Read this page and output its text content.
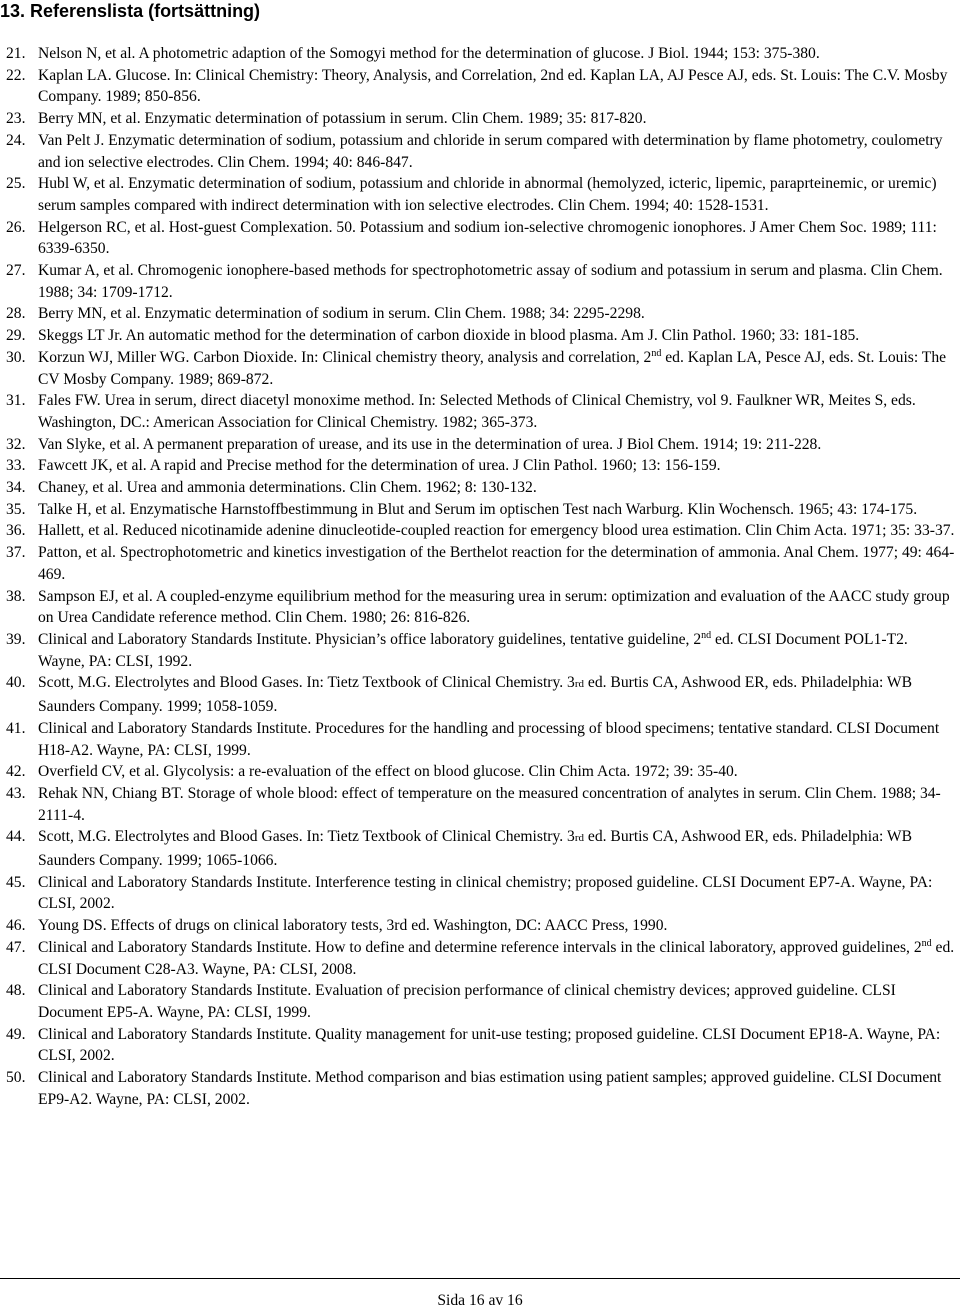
13. Referenslista (fortsättning)
21. Nelson N, et al. A photometric adaption of the Somogyi method for the determination of glucose. J Biol. 1944; 153: 375-380.
22. Kaplan LA. Glucose. In: Clinical Chemistry: Theory, Analysis, and Correlation, 2nd ed. Kaplan LA, AJ Pesce AJ, eds. St. Louis: The C.V. Mosby Company. 1989; 850-856.
23. Berry MN, et al. Enzymatic determination of potassium in serum. Clin Chem. 1989; 35: 817-820.
24. Van Pelt J. Enzymatic determination of sodium, potassium and chloride in serum compared with determination by flame photometry, coulometry and ion selective electrodes. Clin Chem. 1994; 40: 846-847.
25. Hubl W, et al. Enzymatic determination of sodium, potassium and chloride in abnormal (hemolyzed, icteric, lipemic, paraprteinemic, or uremic) serum samples compared with indirect determination with ion selective electrodes. Clin Chem. 1994; 40: 1528-1531.
26. Helgerson RC, et al. Host-guest Complexation. 50. Potassium and sodium ion-selective chromogenic ionophores. J Amer Chem Soc. 1989; 111: 6339-6350.
27. Kumar A, et al. Chromogenic ionophere-based methods for spectrophotometric assay of sodium and potassium in serum and plasma. Clin Chem. 1988; 34: 1709-1712.
28. Berry MN, et al. Enzymatic determination of sodium in serum. Clin Chem. 1988; 34: 2295-2298.
29. Skeggs LT Jr. An automatic method for the determination of carbon dioxide in blood plasma. Am J. Clin Pathol. 1960; 33: 181-185.
30. Korzun WJ, Miller WG. Carbon Dioxide. In: Clinical chemistry theory, analysis and correlation, 2nd ed. Kaplan LA, Pesce AJ, eds. St. Louis: The CV Mosby Company. 1989; 869-872.
31. Fales FW. Urea in serum, direct diacetyl monoxime method. In: Selected Methods of Clinical Chemistry, vol 9. Faulkner WR, Meites S, eds. Washington, DC.: American Association for Clinical Chemistry. 1982; 365-373.
32. Van Slyke, et al. A permanent preparation of urease, and its use in the determination of urea. J Biol Chem. 1914; 19: 211-228.
33. Fawcett JK, et al. A rapid and Precise method for the determination of urea. J Clin Pathol. 1960; 13: 156-159.
34. Chaney, et al. Urea and ammonia determinations. Clin Chem. 1962; 8: 130-132.
35. Talke H, et al. Enzymatische Harnstoffbestimmung in Blut and Serum im optischen Test nach Warburg. Klin Wochensch. 1965; 43: 174-175.
36. Hallett, et al. Reduced nicotinamide adenine dinucleotide-coupled reaction for emergency blood urea estimation. Clin Chim Acta. 1971; 35: 33-37.
37. Patton, et al. Spectrophotometric and kinetics investigation of the Berthelot reaction for the determination of ammonia. Anal Chem. 1977; 49: 464-469.
38. Sampson EJ, et al. A coupled-enzyme equilibrium method for the measuring urea in serum: optimization and evaluation of the AACC study group on Urea Candidate reference method. Clin Chem. 1980; 26: 816-826.
39. Clinical and Laboratory Standards Institute. Physician’s office laboratory guidelines, tentative guideline, 2nd ed. CLSI Document POL1-T2. Wayne, PA: CLSI, 1992.
40. Scott, M.G. Electrolytes and Blood Gases. In: Tietz Textbook of Clinical Chemistry. 3rd ed. Burtis CA, Ashwood ER, eds. Philadelphia: WB Saunders Company. 1999; 1058-1059.
41. Clinical and Laboratory Standards Institute. Procedures for the handling and processing of blood specimens; tentative standard. CLSI Document H18-A2. Wayne, PA: CLSI, 1999.
42. Overfield CV, et al. Glycolysis: a re-evaluation of the effect on blood glucose. Clin Chim Acta. 1972; 39: 35-40.
43. Rehak NN, Chiang BT. Storage of whole blood: effect of temperature on the measured concentration of analytes in serum. Clin Chem. 1988; 34-2111-4.
44. Scott, M.G. Electrolytes and Blood Gases. In: Tietz Textbook of Clinical Chemistry. 3rd ed. Burtis CA, Ashwood ER, eds. Philadelphia: WB Saunders Company. 1999; 1065-1066.
45. Clinical and Laboratory Standards Institute. Interference testing in clinical chemistry; proposed guideline. CLSI Document EP7-A. Wayne, PA: CLSI, 2002.
46. Young DS. Effects of drugs on clinical laboratory tests, 3rd ed. Washington, DC: AACC Press, 1990.
47. Clinical and Laboratory Standards Institute. How to define and determine reference intervals in the clinical laboratory, approved guidelines, 2nd ed. CLSI Document C28-A3. Wayne, PA: CLSI, 2008.
48. Clinical and Laboratory Standards Institute. Evaluation of precision performance of clinical chemistry devices; approved guideline. CLSI Document EP5-A. Wayne, PA: CLSI, 1999.
49. Clinical and Laboratory Standards Institute. Quality management for unit-use testing; proposed guideline. CLSI Document EP18-A. Wayne, PA: CLSI, 2002.
50. Clinical and Laboratory Standards Institute. Method comparison and bias estimation using patient samples; approved guideline. CLSI Document EP9-A2. Wayne, PA: CLSI, 2002.
Sida 16 av 16
